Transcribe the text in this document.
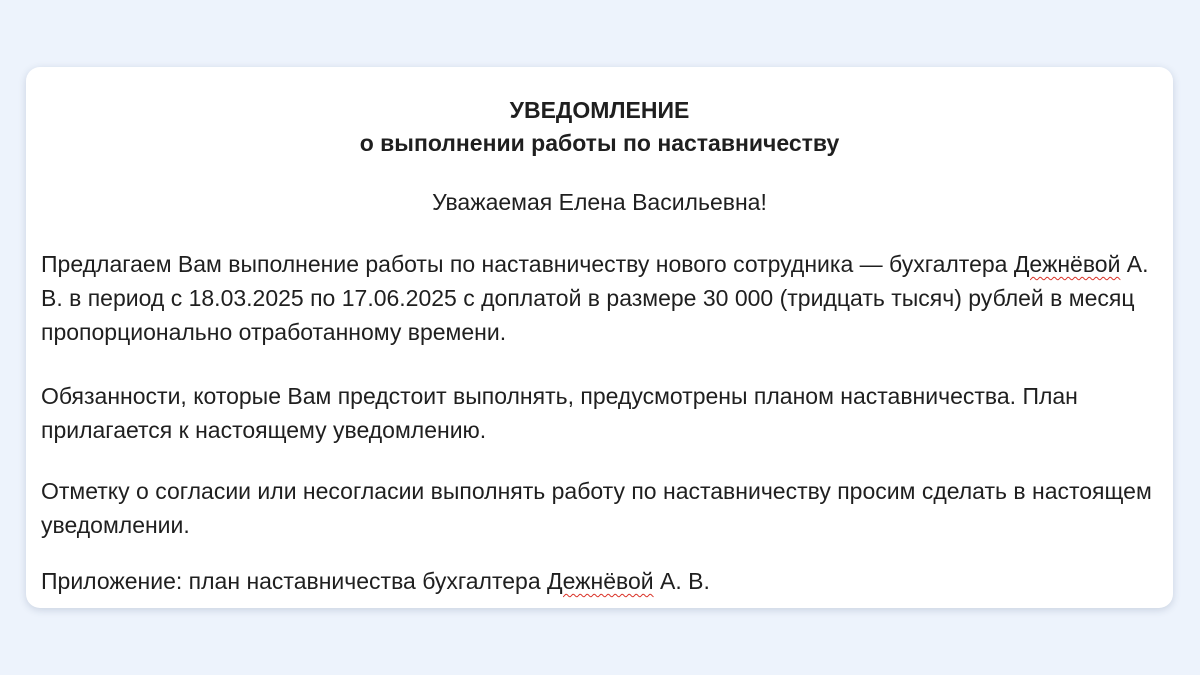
УВЕДОМЛЕНИЕ

о выполнении работы по наставничеству

Уважаемая Елена Васильевна!

Предлагаем Вам выполнение работы по наставничеству нового сотрудника — бухгалтера Дежнёвой А. В. в период с 18.03.2025 по 17.06.2025 с доплатой в размере 30 000 (тридцать тысяч) рублей в месяц пропорционально отработанному времени.

Обязанности, которые Вам предстоит выполнять, предусмотрены планом наставничества. План прилагается к настоящему уведомлению.

Отметку о согласии или несогласии выполнять работу по наставничеству просим сделать в настоящем уведомлении.

Приложение: план наставничества бухгалтера Дежнёвой А. В.
